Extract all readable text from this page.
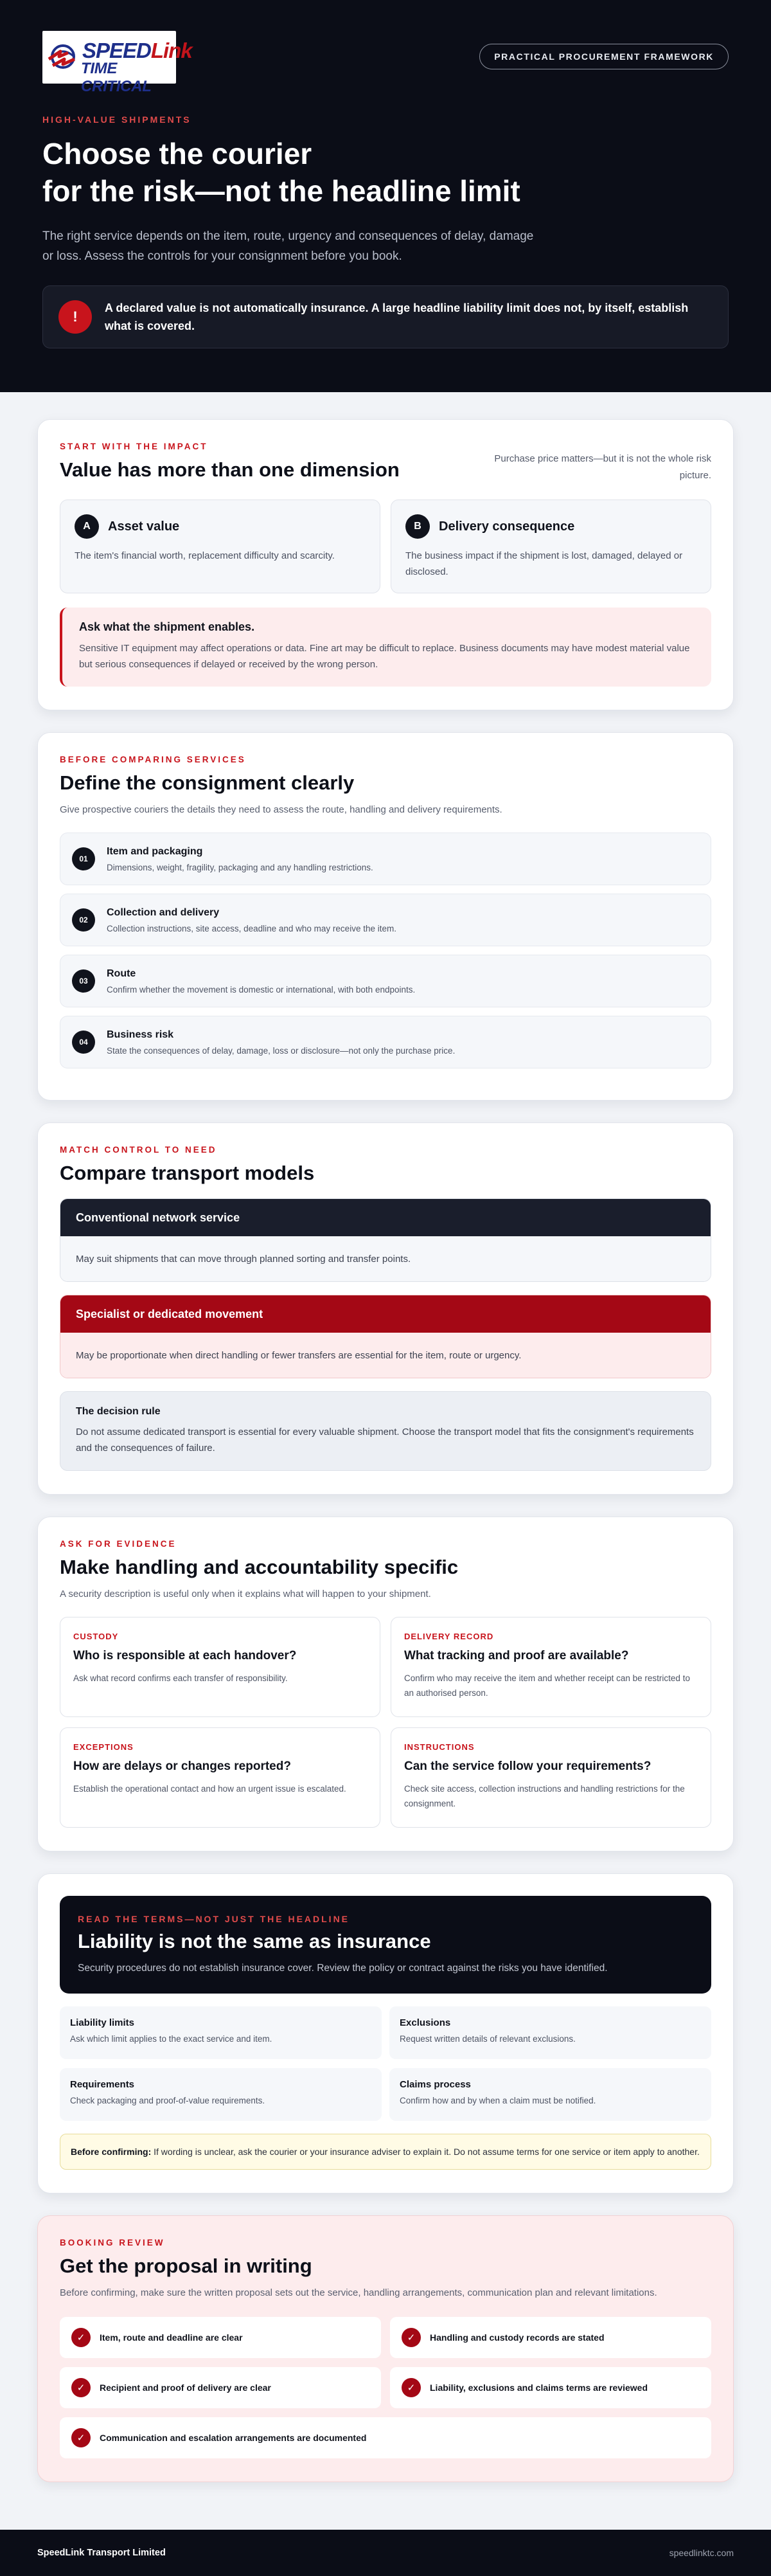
SPEEDLink
TIME CRITICAL
PRACTICAL PROCUREMENT FRAMEWORK
HIGH-VALUE SHIPMENTS
Choose the courier
for the risk—not the headline limit

The right service depends on the item, route, urgency and consequences of delay, damage or loss. Assess the controls for your consignment before you book.

!
A declared value is not automatically insurance. A large headline liability limit does not, by itself, establish what is covered.
START WITH THE IMPACT
Value has more than one dimension	Purchase price matters—but it is not the whole risk picture.
A	Asset value
The item's financial worth, replacement difficulty and scarcity.
B	Delivery consequence
The business impact if the shipment is lost, damaged, delayed or disclosed.
Ask what the shipment enables.
Sensitive IT equipment may affect operations or data. Fine art may be difficult to replace. Business documents may have modest material value but serious consequences if delayed or received by the wrong person.
BEFORE COMPARING SERVICES
Define the consignment clearly

Give prospective couriers the details they need to assess the route, handling and delivery requirements.

01
Item and packaging
Dimensions, weight, fragility, packaging and any handling restrictions.
02
Collection and delivery
Collection instructions, site access, deadline and who may receive the item.
03
Route
Confirm whether the movement is domestic or international, with both endpoints.
04
Business risk
State the consequences of delay, damage, loss or disclosure—not only the purchase price.
MATCH CONTROL TO NEED
Compare transport models
Conventional network service
May suit shipments that can move through planned sorting and transfer points.
Specialist or dedicated movement
May be proportionate when direct handling or fewer transfers are essential for the item, route or urgency.
The decision rule
Do not assume dedicated transport is essential for every valuable shipment. Choose the transport model that fits the consignment's requirements and the consequences of failure.
ASK FOR EVIDENCE
Make handling and accountability specific

A security description is useful only when it explains what will happen to your shipment.

CUSTODY
Who is responsible at each handover?
Ask what record confirms each transfer of responsibility.
DELIVERY RECORD
What tracking and proof are available?
Confirm who may receive the item and whether receipt can be restricted to an authorised person.
EXCEPTIONS
How are delays or changes reported?
Establish the operational contact and how an urgent issue is escalated.
INSTRUCTIONS
Can the service follow your requirements?
Check site access, collection instructions and handling restrictions for the consignment.
READ THE TERMS—NOT JUST THE HEADLINE
Liability is not the same as insurance
Security procedures do not establish insurance cover. Review the policy or contract against the risks you have identified.
Liability limits
Ask which limit applies to the exact service and item.
Exclusions
Request written details of relevant exclusions.
Requirements
Check packaging and proof-of-value requirements.
Claims process
Confirm how and by when a claim must be notified.
Before confirming: If wording is unclear, ask the courier or your insurance adviser to explain it. Do not assume terms for one service or item apply to another.
BOOKING REVIEW
Get the proposal in writing

Before confirming, make sure the written proposal sets out the service, handling arrangements, communication plan and relevant limitations.

✓	Item, route and deadline are clear	✓	Handling and custody records are stated
✓	Recipient and proof of delivery are clear	✓	Liability, exclusions and claims terms are reviewed
✓	Communication and escalation arrangements are documented
SpeedLink Transport Limited	speedlinktc.com
